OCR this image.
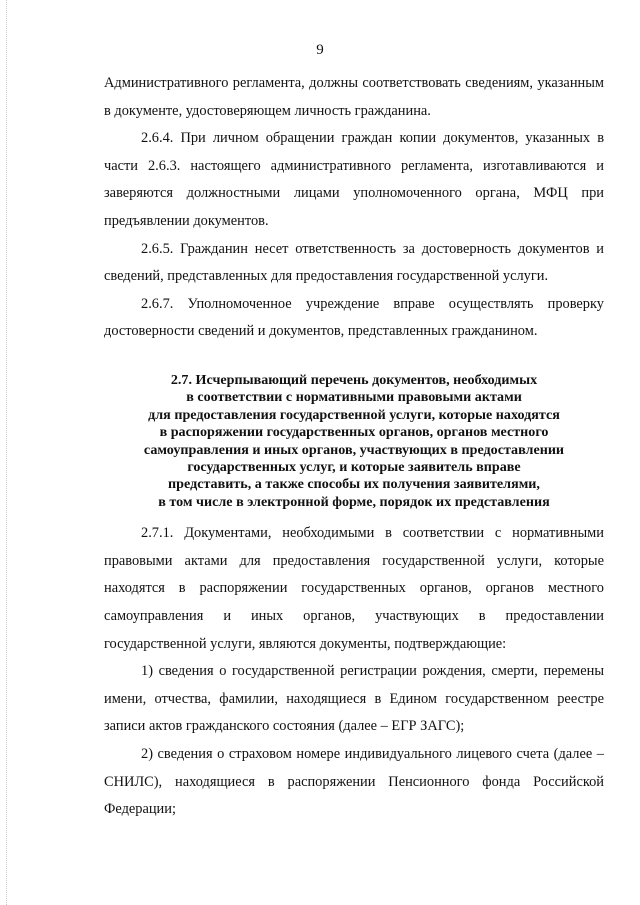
9

Административного регламента, должны соответствовать сведениям, указанным в документе, удостоверяющем личность гражданина.

2.6.4. При личном обращении граждан копии документов, указанных в части 2.6.3. настоящего административного регламента, изготавливаются и заверяются должностными лицами уполномоченного органа, МФЦ при предъявлении документов.

2.6.5. Гражданин несет ответственность за достоверность документов и сведений, представленных для предоставления государственной услуги.

2.6.7. Уполномоченное учреждение вправе осуществлять проверку достоверности сведений и документов, представленных гражданином.

2.7. Исчерпывающий перечень документов, необходимых
в соответствии с нормативными правовыми актами
для предоставления государственной услуги, которые находятся
в распоряжении государственных органов, органов местного
самоуправления и иных органов, участвующих в предоставлении
государственных услуг, и которые заявитель вправе
представить, а также способы их получения заявителями,
в том числе в электронной форме, порядок их представления

2.7.1. Документами, необходимыми в соответствии с нормативными правовыми актами для предоставления государственной услуги, которые находятся в распоряжении государственных органов, органов местного самоуправления и иных органов, участвующих в предоставлении государственной услуги, являются документы, подтверждающие:

1) сведения о государственной регистрации рождения, смерти, перемены имени, отчества, фамилии, находящиеся в Едином государственном реестре записи актов гражданского состояния (далее – ЕГР ЗАГС);

2) сведения о страховом номере индивидуального лицевого счета (далее – СНИЛС), находящиеся в распоряжении Пенсионного фонда Российской Федерации;
